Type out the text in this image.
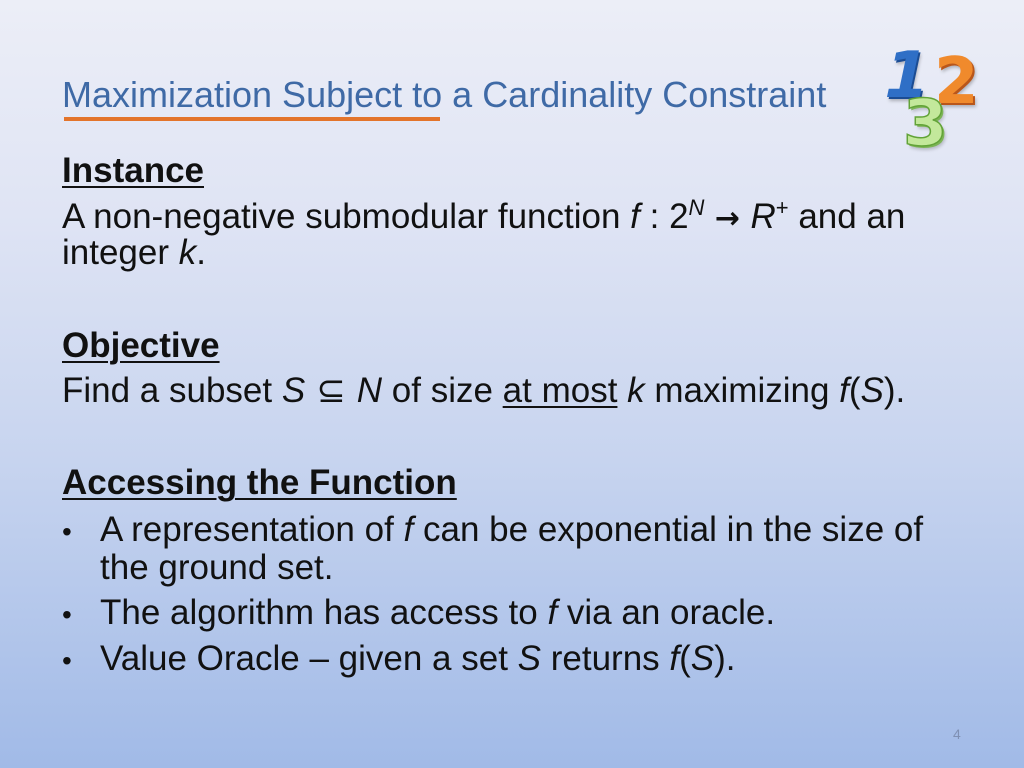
Maximization Subject to a Cardinality Constraint 1
2
3
Instance
A non-negative submodular function f : 2 N → R + and an
integer k .
Objective
Find a subset S ⊆ N of size at most k maximizing f ( S ).
Accessing the Function
• A representation of f can be exponential in the size of
the ground set.
• The algorithm has access to f via an oracle.
• Value Oracle – given a set S returns f ( S ).
4
